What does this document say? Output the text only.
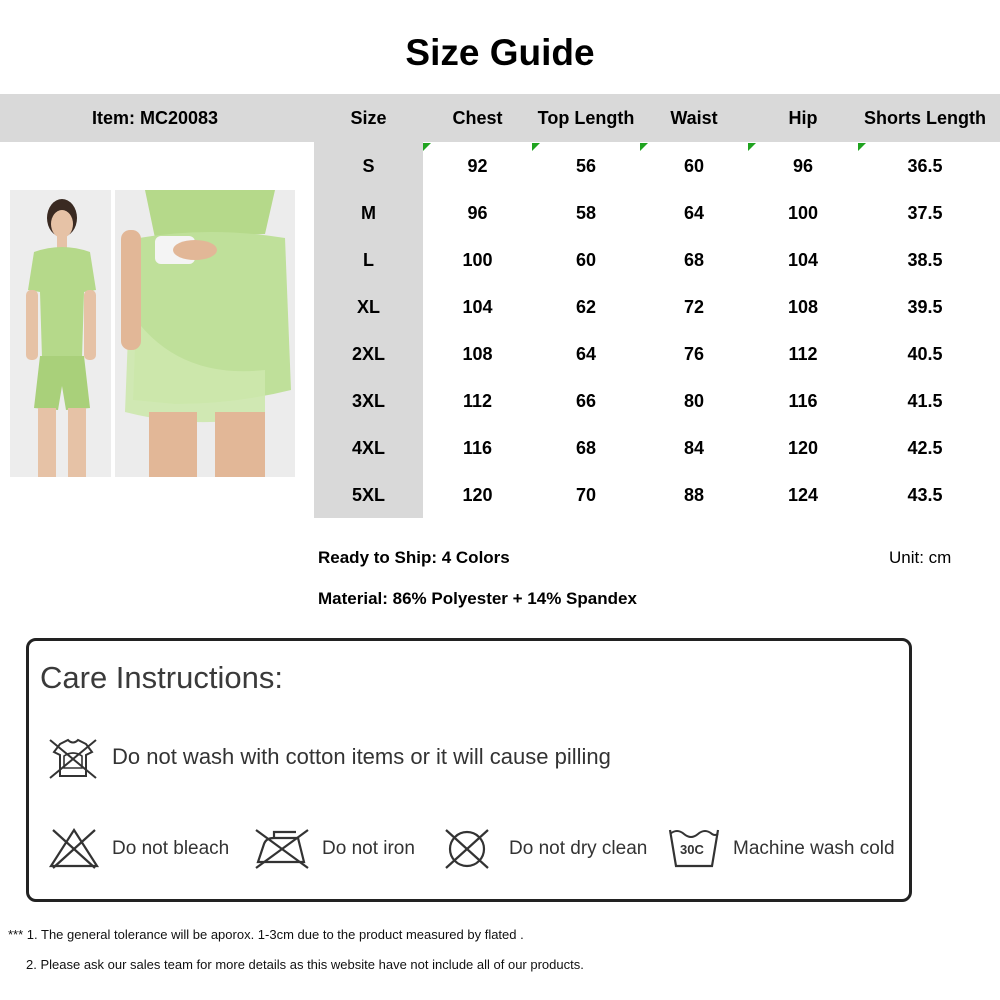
Size Guide
Item: MC20083	Size	Chest	Top Length	Waist	Hip	Shorts Length
S	92	56	60	96	36.5
M	96	58	64	100	37.5
L	100	60	68	104	38.5
XL	104	62	72	108	39.5
2XL	108	64	76	112	40.5
3XL	112	66	80	116	41.5
4XL	116	68	84	120	42.5
5XL	120	70	88	124	43.5
Ready to Ship: 4 Colors	Unit: cm
Material: 86% Polyester + 14% Spandex
Care Instructions:
Do not wash with cotton items or it will cause pilling
Do not bleach	Do not iron	Do not dry clean	30C Machine wash cold
*** 1. The general tolerance will be aporox. 1-3cm due to the product measured by flated .
2. Please ask our sales team for more details as this website have not include all of our products.
